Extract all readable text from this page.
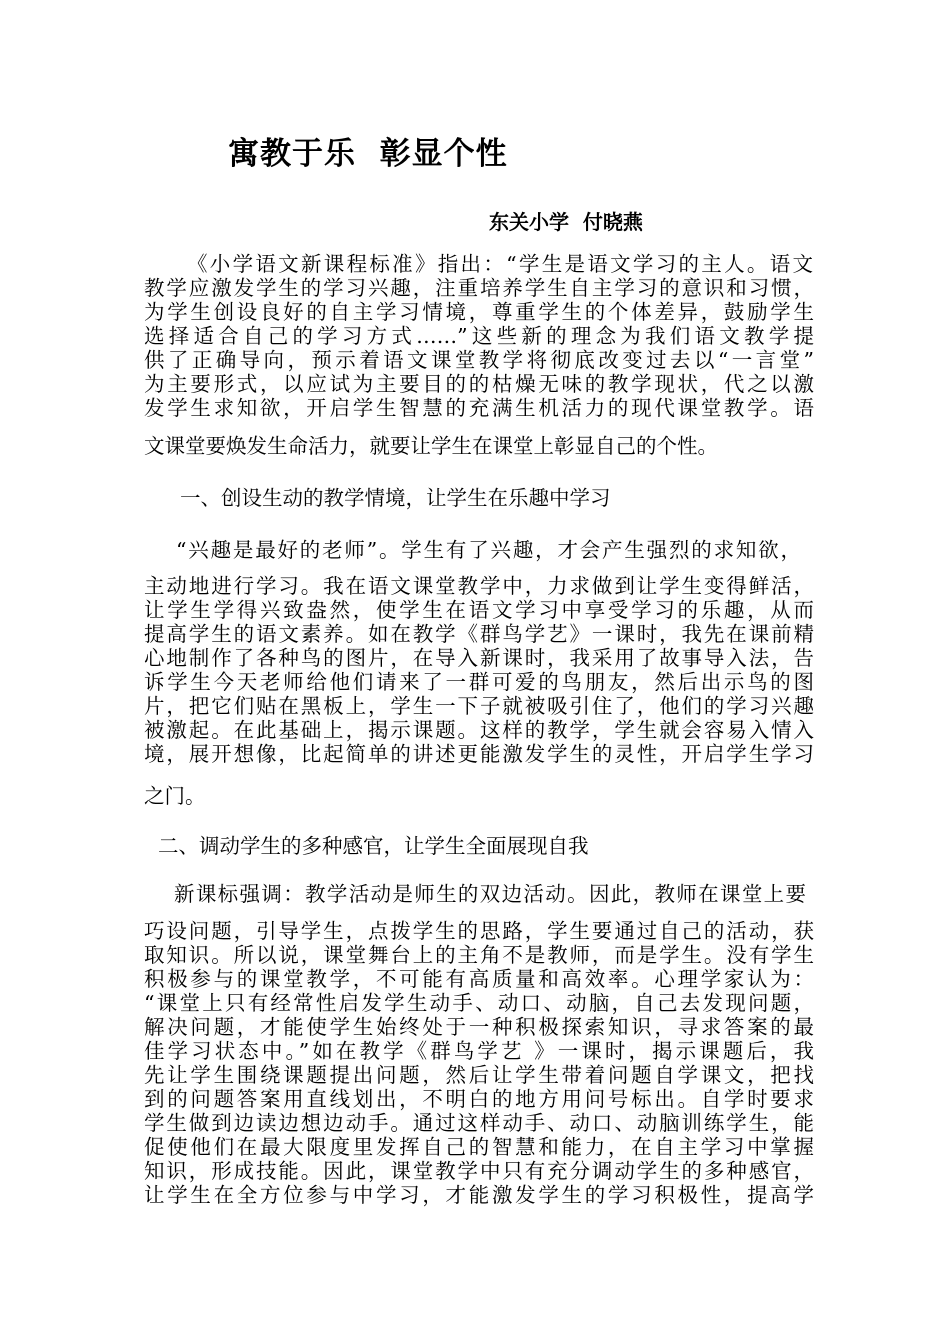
寓教于乐  彰显个性
东关小学  付晓燕
《小学语文新课程标准》指出：“学生是语文学习的主人。语文
教学应激发学生的学习兴趣，注重培养学生自主学习的意识和习惯，
为学生创设良好的自主学习情境，尊重学生的个体差异，鼓励学生
选择适合自己的学习方式……”这些新的理念为我们语文教学提
供了正确导向，预示着语文课堂教学将彻底改变过去以“一言堂”
为主要形式，以应试为主要目的的枯燥无味的教学现状，代之以激
发学生求知欲，开启学生智慧的充满生机活力的现代课堂教学。语
文课堂要焕发生命活力，就要让学生在课堂上彰显自己的个性。
一、创设生动的教学情境，让学生在乐趣中学习
“兴趣是最好的老师”。学生有了兴趣，才会产生强烈的求知欲，
主动地进行学习。我在语文课堂教学中，力求做到让学生变得鲜活，
让学生学得兴致盎然，使学生在语文学习中享受学习的乐趣，从而
提高学生的语文素养。如在教学《群鸟学艺》一课时，我先在课前精
心地制作了各种鸟的图片，在导入新课时，我采用了故事导入法，告
诉学生今天老师给他们请来了一群可爱的鸟朋友，然后出示鸟的图
片，把它们贴在黑板上，学生一下子就被吸引住了，他们的学习兴趣
被激起。在此基础上，揭示课题。这样的教学，学生就会容易入情入
境，展开想像，比起简单的讲述更能激发学生的灵性，开启学生学习
之门。
二、调动学生的多种感官，让学生全面展现自我
新课标强调：教学活动是师生的双边活动。因此，教师在课堂上要
巧设问题，引导学生，点拨学生的思路，学生要通过自己的活动，获
取知识。所以说，课堂舞台上的主角不是教师，而是学生。没有学生
积极参与的课堂教学，不可能有高质量和高效率。心理学家认为：
“课堂上只有经常性启发学生动手、动口、动脑，自己去发现问题，
解决问题，才能使学生始终处于一种积极探索知识，寻求答案的最
佳学习状态中。”如在教学《群鸟学艺 》一课时，揭示课题后，我
先让学生围绕课题提出问题，然后让学生带着问题自学课文，把找
到的问题答案用直线划出，不明白的地方用问号标出。自学时要求
学生做到边读边想边动手。通过这样动手、动口、动脑训练学生，能
促使他们在最大限度里发挥自己的智慧和能力，在自主学习中掌握
知识，形成技能。因此，课堂教学中只有充分调动学生的多种感官，
让学生在全方位参与中学习，才能激发学生的学习积极性，提高学
